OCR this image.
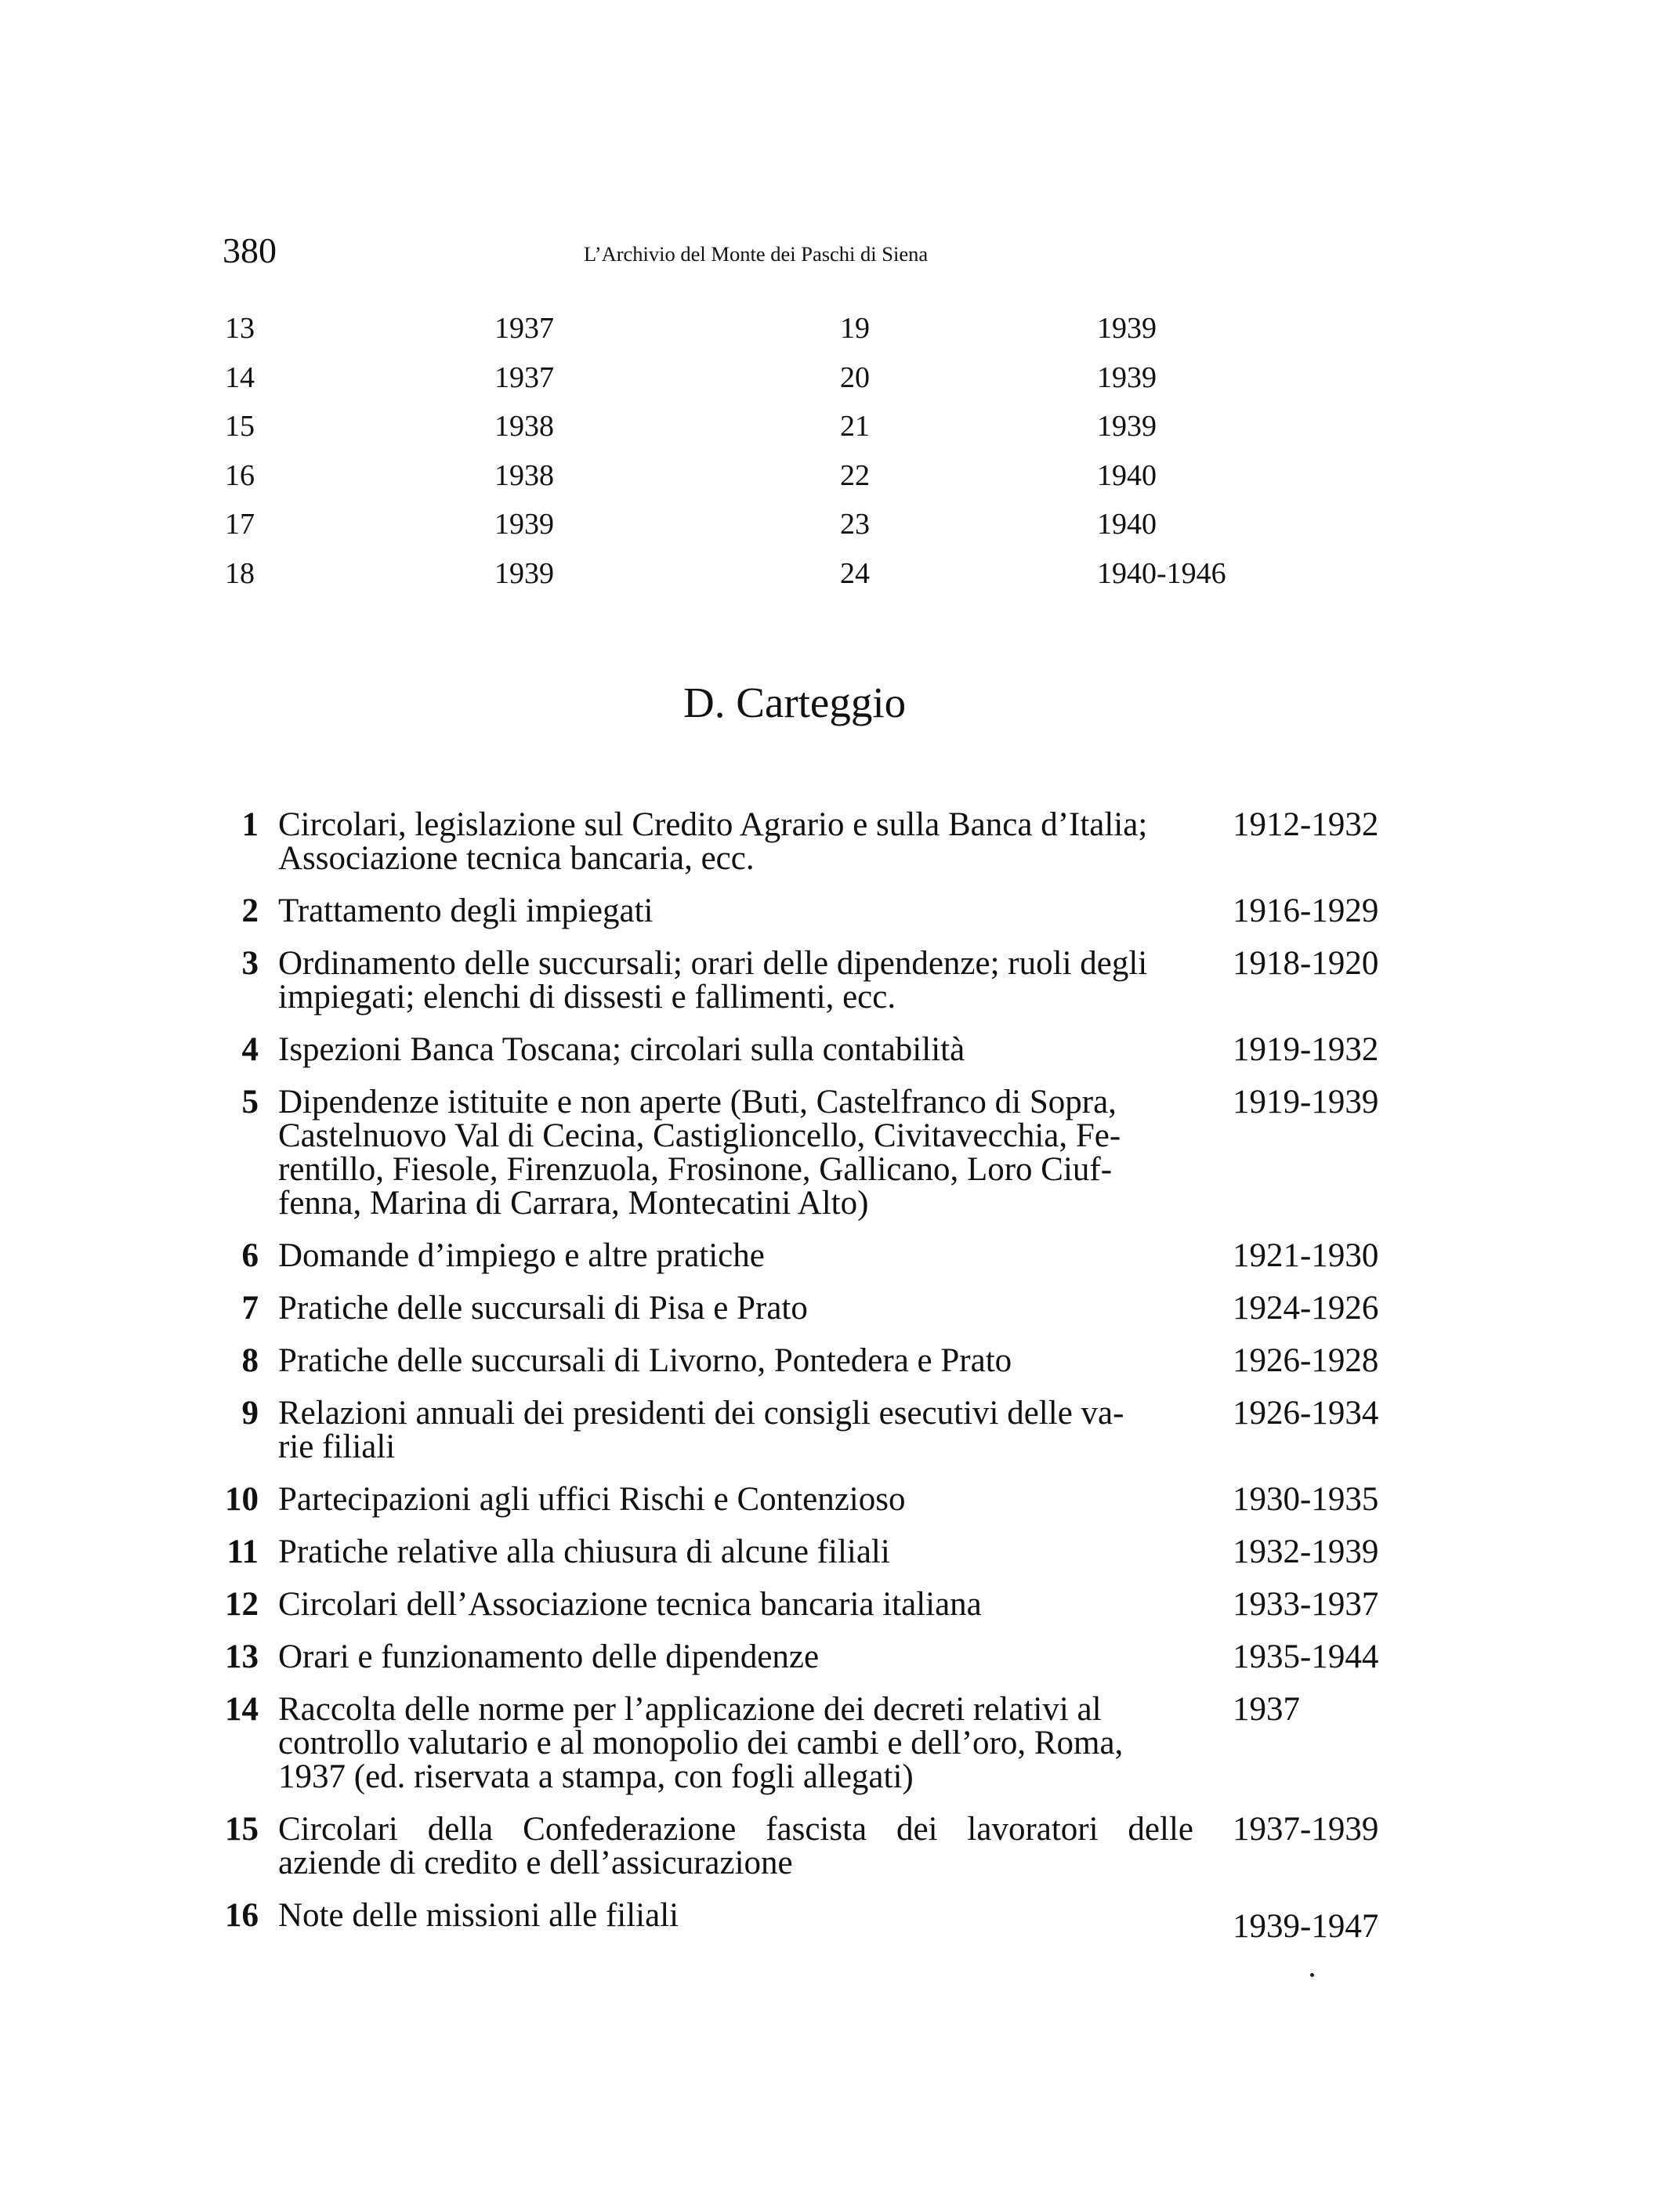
380	L’Archivio del Monte dei Paschi di Siena
13	1937	19	1939
14	1937	20	1939
15	1938	21	1939
16	1938	22	1940
17	1939	23	1940
18	1939	24	1940-1946
D. Carteggio
1 Circolari, legislazione sul Credito Agrario e sulla Banca d’Italia;
Associazione tecnica bancaria, ecc.
1912-1932
2 Trattamento degli impiegati	1916-1929
3 Ordinamento delle succursali; orari delle dipendenze; ruoli degli
impiegati; elenchi di dissesti e fallimenti, ecc.
1918-1920
4 Ispezioni Banca Toscana; circolari sulla contabilità	1919-1932
5 Dipendenze istituite e non aperte (Buti, Castelfranco di Sopra,
Castelnuovo Val di Cecina, Castiglioncello, Civitavecchia, Fe-
rentillo, Fiesole, Firenzuola, Frosinone, Gallicano, Loro Ciuf-
fenna, Marina di Carrara, Montecatini Alto)
1919-1939
6 Domande d’impiego e altre pratiche	1921-1930
7 Pratiche delle succursali di Pisa e Prato	1924-1926
8 Pratiche delle succursali di Livorno, Pontedera e Prato	1926-1928
9 Relazioni annuali dei presidenti dei consigli esecutivi delle va-
rie filiali
1926-1934
10 Partecipazioni agli uffici Rischi e Contenzioso	1930-1935
11 Pratiche relative alla chiusura di alcune filiali	1932-1939
12 Circolari dell’Associazione tecnica bancaria italiana	1933-1937
13 Orari e funzionamento delle dipendenze	1935-1944
14 Raccolta delle norme per l’applicazione dei decreti relativi al
controllo valutario e al monopolio dei cambi e dell’oro, Roma,
1937 (ed. riservata a stampa, con fogli allegati)
1937
15 Circolari della Confederazione fascista dei lavoratori delle
aziende di credito e dell’assicurazione
1937-1939
16 Note delle missioni alle filiali	1939-1947
